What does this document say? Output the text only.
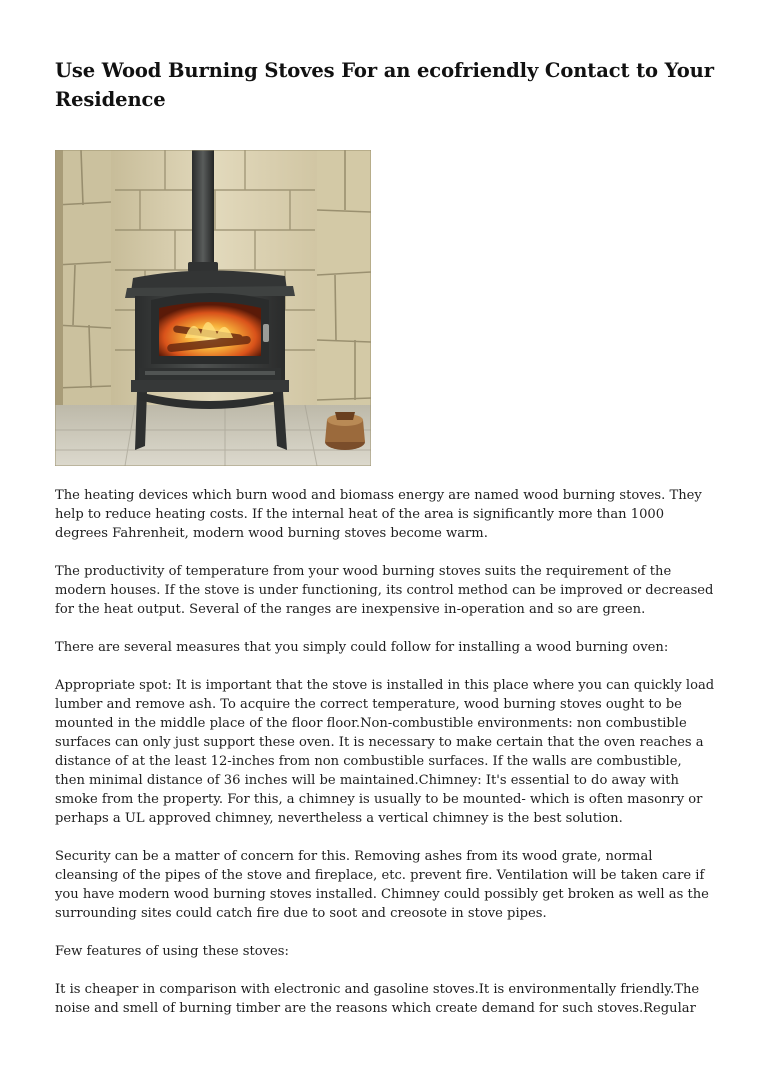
Use Wood Burning Stoves For an ecofriendly Contact to Your Residence

The heating devices which burn wood and biomass energy are named wood burning stoves. They help to reduce heating costs. If the internal heat of the area is significantly more than 1000 degrees Fahrenheit, modern wood burning stoves become warm.

The productivity of temperature from your wood burning stoves suits the requirement of the modern houses. If the stove is under functioning, its control method can be improved or decreased for the heat output. Several of the ranges are inexpensive in-operation and so are green.

There are several measures that you simply could follow for installing a wood burning oven:

Appropriate spot: It is important that the stove is installed in this place where you can quickly load lumber and remove ash. To acquire the correct temperature, wood burning stoves ought to be mounted in the middle place of the floor floor.Non-combustible environments: non combustible surfaces can only just support these oven. It is necessary to make certain that the oven reaches a distance of at the least 12-inches from non combustible surfaces. If the walls are combustible, then minimal distance of 36 inches will be maintained.Chimney: It's essential to do away with smoke from the property. For this, a chimney is usually to be mounted- which is often masonry or perhaps a UL approved chimney, nevertheless a vertical chimney is the best solution.

Security can be a matter of concern for this. Removing ashes from its wood grate, normal cleansing of the pipes of the stove and fireplace, etc. prevent fire. Ventilation will be taken care if you have modern wood burning stoves installed. Chimney could possibly get broken as well as the surrounding sites could catch fire due to soot and creosote in stove pipes.

Few features of using these stoves:

It is cheaper in comparison with electronic and gasoline stoves.It is environmentally friendly.The noise and smell of burning timber are the reasons which create demand for such stoves.Regular
